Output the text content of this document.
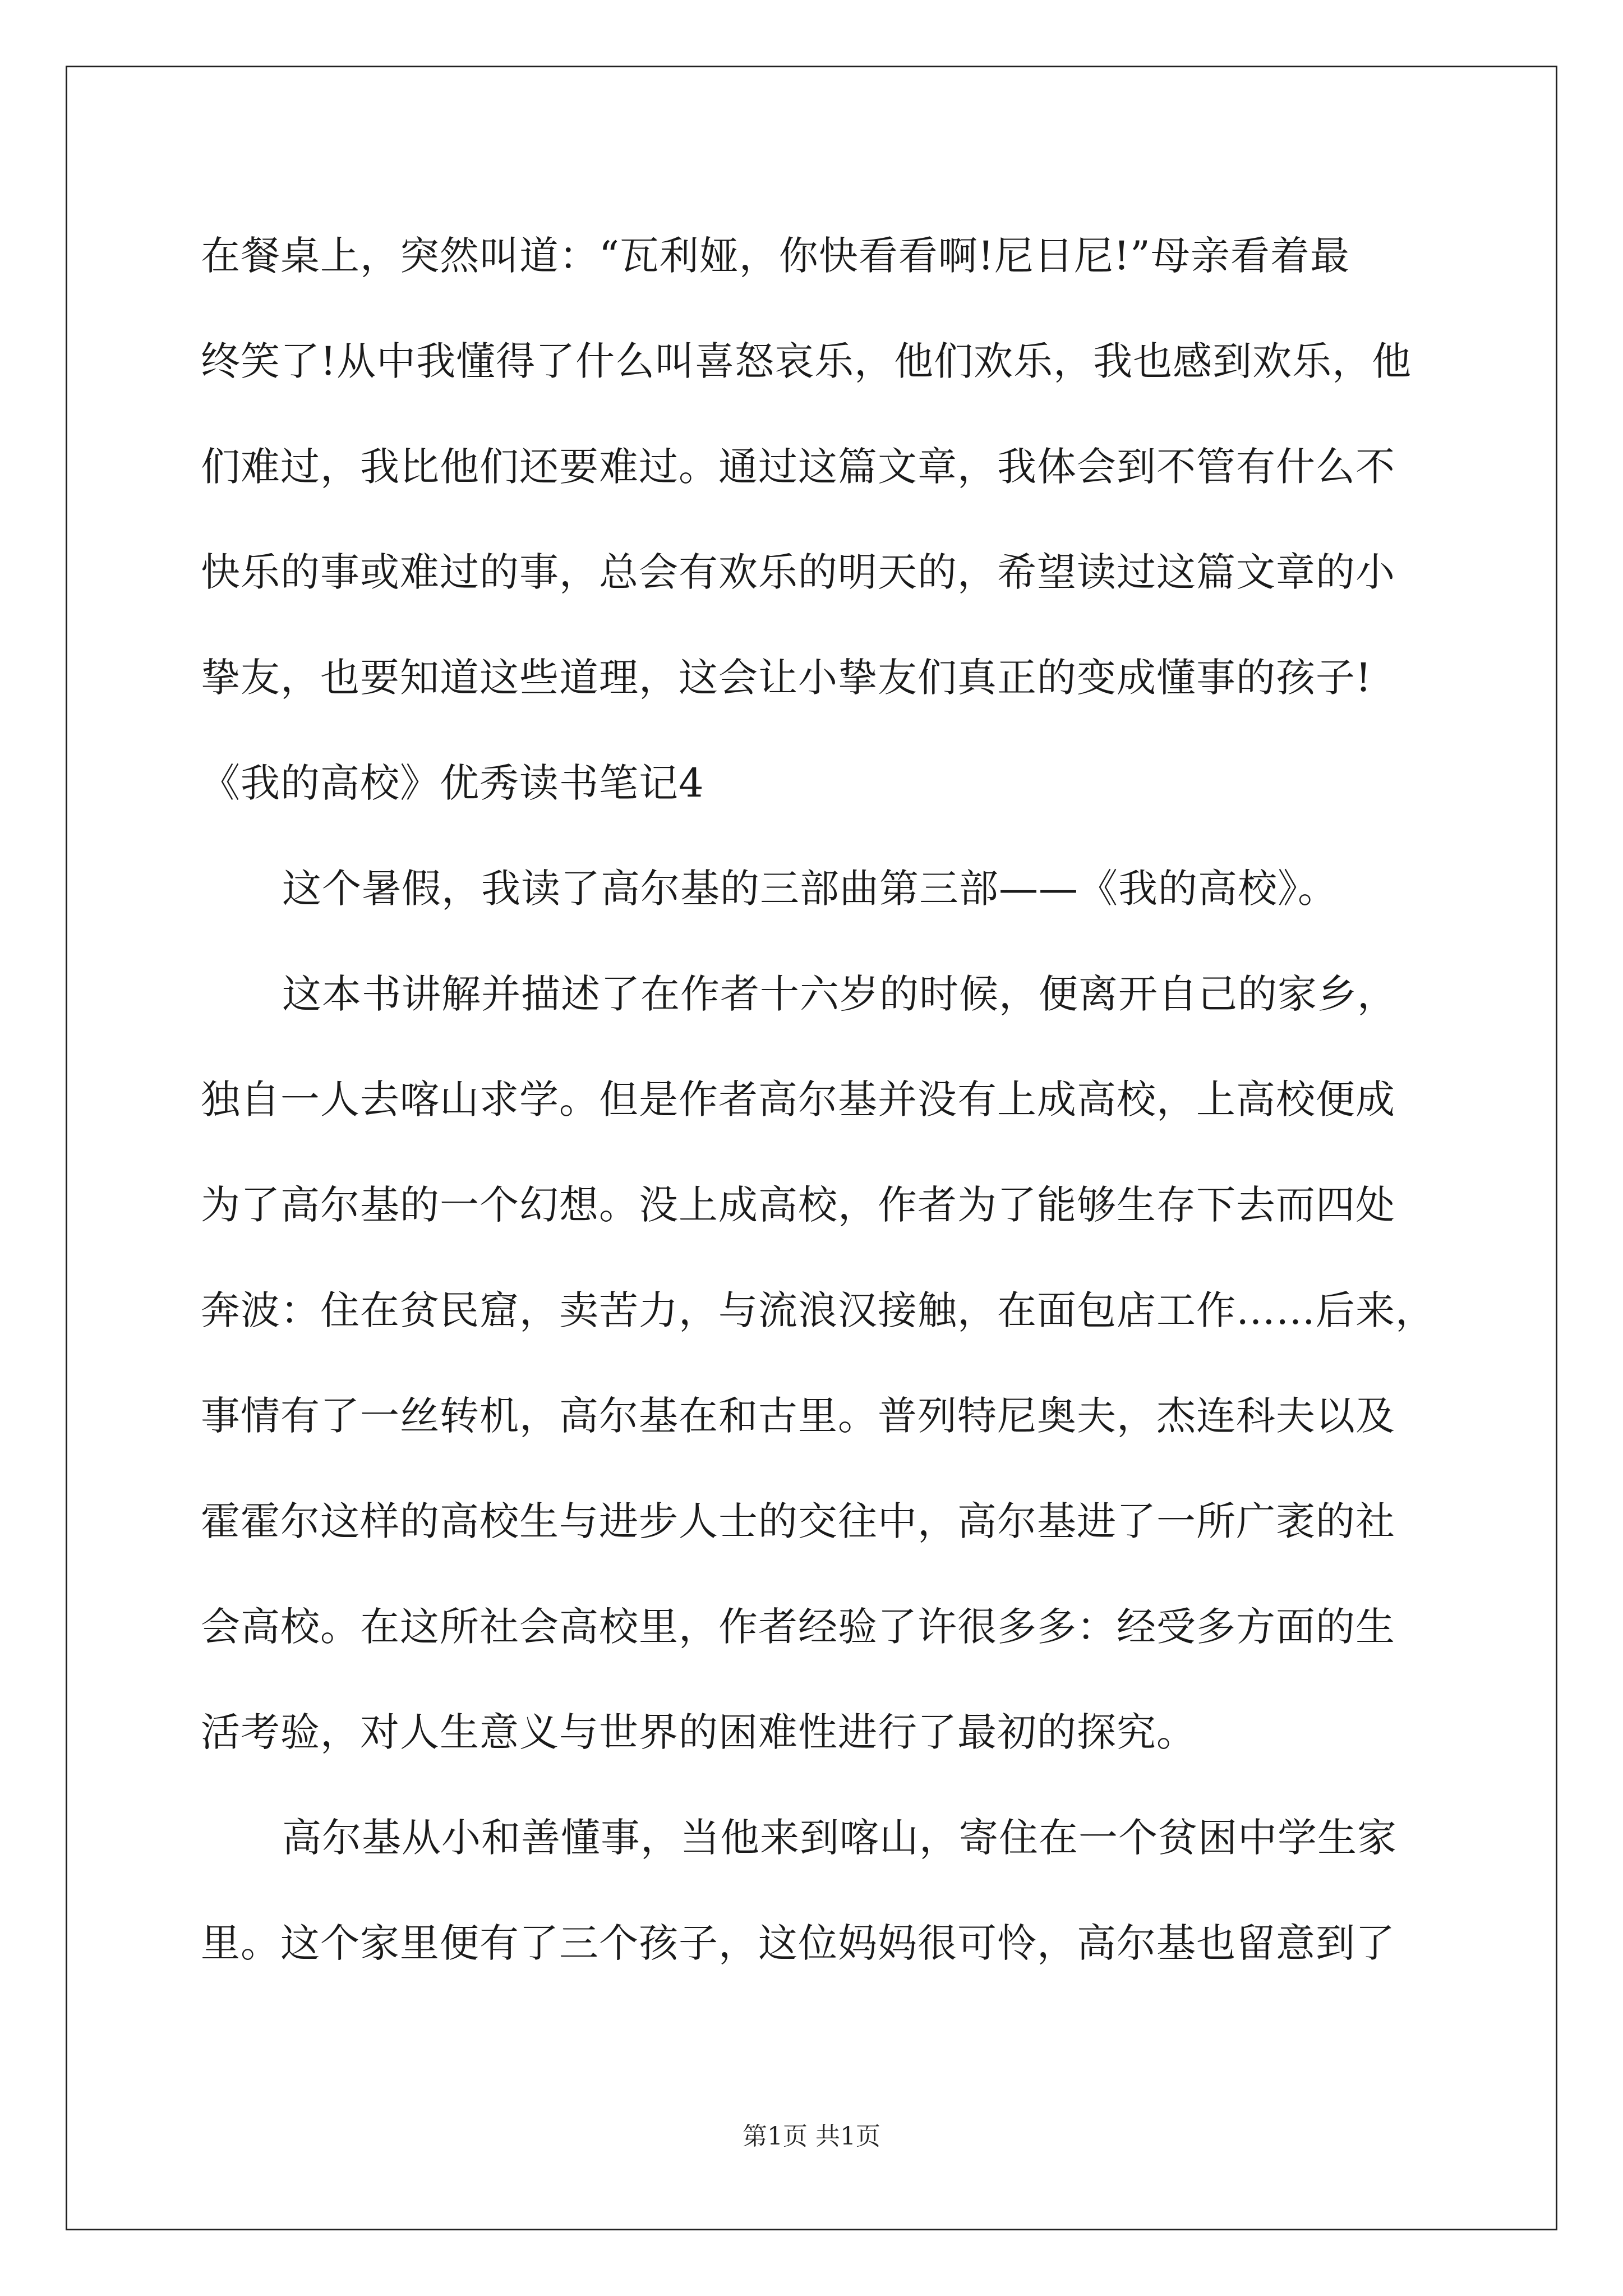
在餐桌上，突然叫道：“瓦利娅，你快看看啊!尼日尼!”母亲看着最
终笑了!从中我懂得了什么叫喜怒哀乐，他们欢乐，我也感到欢乐，他
们难过，我比他们还要难过。通过这篇文章，我体会到不管有什么不
快乐的事或难过的事，总会有欢乐的明天的，希望读过这篇文章的小
挚友，也要知道这些道理，这会让小挚友们真正的变成懂事的孩子!
《我的高校》优秀读书笔记4
这个暑假，我读了高尔基的三部曲第三部——《我的高校》。
这本书讲解并描述了在作者十六岁的时候，便离开自己的家乡，
独自一人去喀山求学。但是作者高尔基并没有上成高校，上高校便成
为了高尔基的一个幻想。没上成高校，作者为了能够生存下去而四处
奔波：住在贫民窟，卖苦力，与流浪汉接触，在面包店工作……后来，
事情有了一丝转机，高尔基在和古里。普列特尼奥夫，杰连科夫以及
霍霍尔这样的高校生与进步人士的交往中，高尔基进了一所广袤的社
会高校。在这所社会高校里，作者经验了许很多多：经受多方面的生
活考验，对人生意义与世界的困难性进行了最初的探究。
高尔基从小和善懂事，当他来到喀山，寄住在一个贫困中学生家
里。这个家里便有了三个孩子，这位妈妈很可怜，高尔基也留意到了
第1页 共1页
